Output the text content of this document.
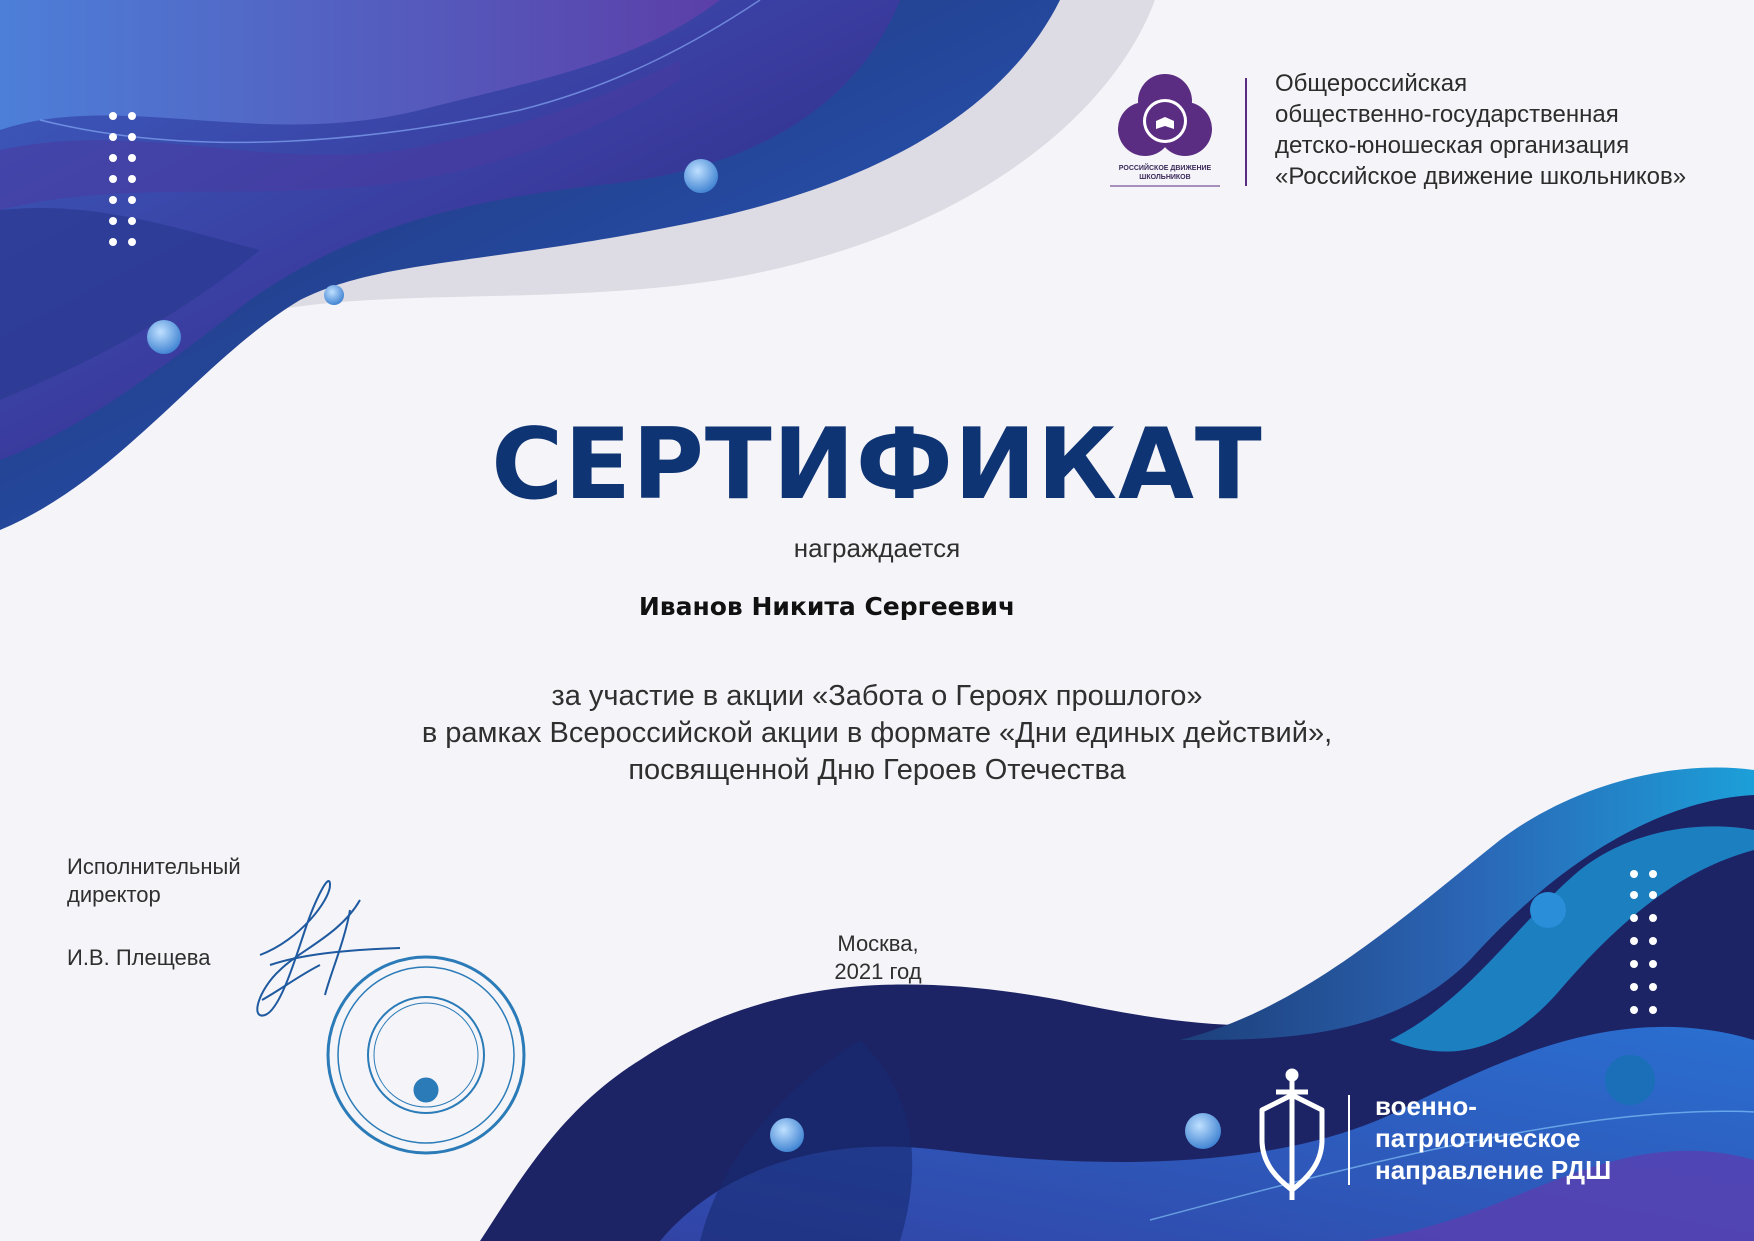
РОССИЙСКОЕ ДВИЖЕНИЕ ШКОЛЬНИКОВ
Общероссийская
общественно-государственная
детско-юношеская организация
«Российское движение школьников»
СЕРТИФИКАТ
награждается
Иванов Никита Сергеевич
за участие в акции «Забота о Героях прошлого»
в рамках Всероссийской акции в формате «Дни единых действий»,
посвященной Дню Героев Отечества
Исполнительный
директор
И.В. Плещева
Москва,
2021 год
военно-
патриотическое
направление РДШ
